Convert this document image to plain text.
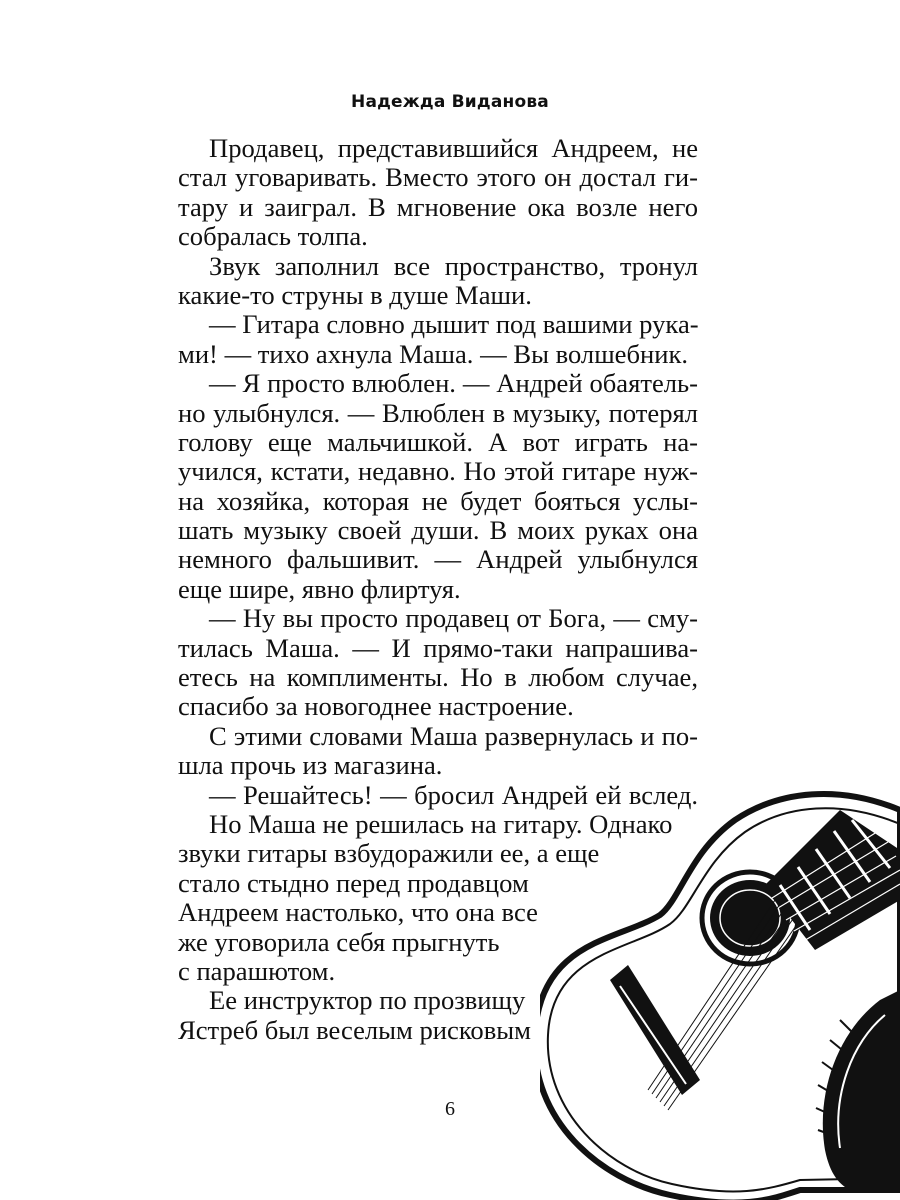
Надежда Виданова
Продавец, представившийся Андреем, не
стал уговаривать. Вместо этого он достал ги-
тару и заиграл. В мгновение ока возле него
собралась толпа.
Звук заполнил все пространство, тронул
какие-то струны в душе Маши.
— Гитара словно дышит под вашими рука-
ми! — тихо ахнула Маша. — Вы волшебник.
— Я просто влюблен. — Андрей обаятель-
но улыбнулся. — Влюблен в музыку, потерял
голову еще мальчишкой. А вот играть на-
учился, кстати, недавно. Но этой гитаре нуж-
на хозяйка, которая не будет бояться услы-
шать музыку своей души. В моих руках она
немного фальшивит. — Андрей улыбнулся
еще шире, явно флиртуя.
— Ну вы просто продавец от Бога, — сму-
тилась Маша. — И прямо-таки напрашива-
етесь на комплименты. Но в любом случае,
спасибо за новогоднее настроение.
С этими словами Маша развернулась и по-
шла прочь из магазина.
— Решайтесь! — бросил Андрей ей вслед.
Но Маша не решилась на гитару. Однако
звуки гитары взбудоражили ее, а еще
стало стыдно перед продавцом
Андреем настолько, что она все
же уговорила себя прыгнуть
с парашютом.
Ее инструктор по прозвищу
Ястреб был веселым рисковым
6
